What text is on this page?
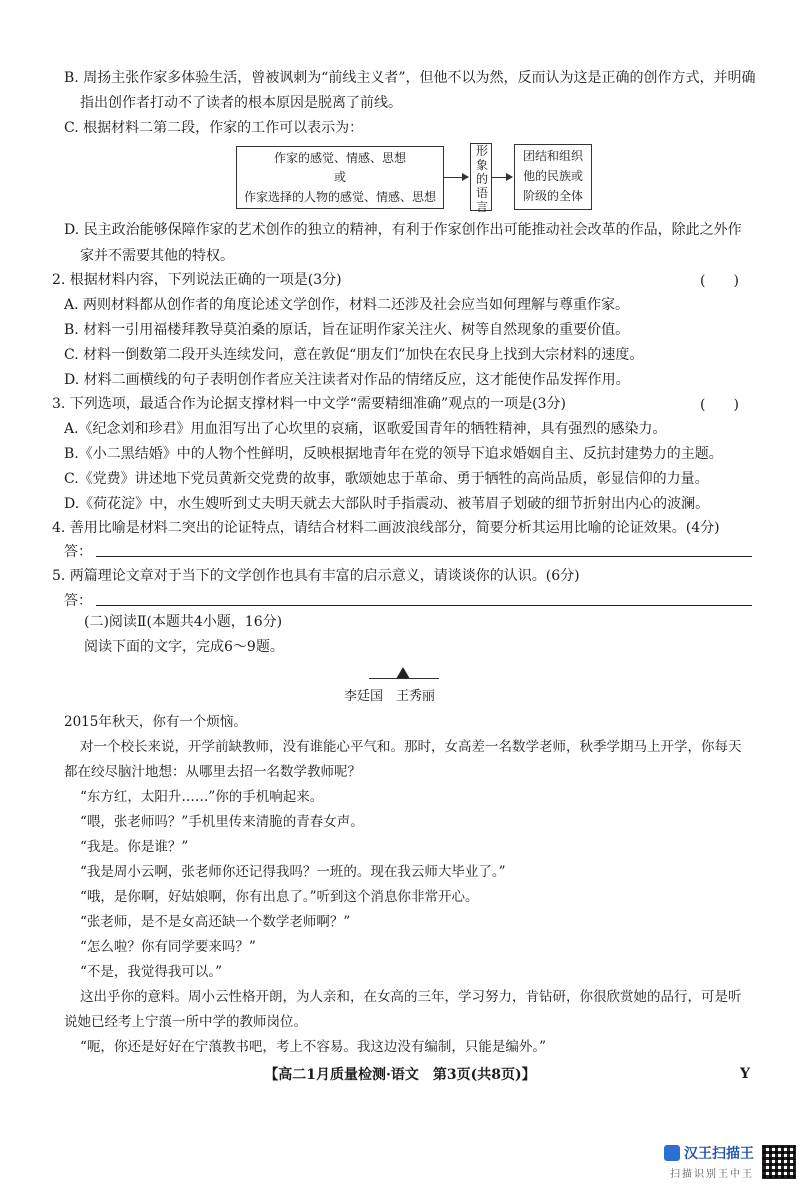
B. 周扬主张作家多体验生活，曾被讽刺为“前线主义者”，但他不以为然，反而认为这是正确的创作方式，并明确
指出创作者打动不了读者的根本原因是脱离了前线。
C. 根据材料二第二段，作家的工作可以表示为：
作家的感觉、情感、思想
或
作家选择的人物的感觉、情感、思想
形
象
的
语
言
团结和组织
他的民族或
阶级的全体
D. 民主政治能够保障作家的艺术创作的独立的精神，有利于作家创作出可能推动社会改革的作品，除此之外作
家并不需要其他的特权。
2. 根据材料内容，下列说法正确的一项是(3分)	(　　)
A. 两则材料都从创作者的角度论述文学创作，材料二还涉及社会应当如何理解与尊重作家。
B. 材料一引用福楼拜教导莫泊桑的原话，旨在证明作家关注火、树等自然现象的重要价值。
C. 材料一倒数第二段开头连续发问，意在敦促“朋友们”加快在农民身上找到大宗材料的速度。
D. 材料二画横线的句子表明创作者应关注读者对作品的情绪反应，这才能使作品发挥作用。
3. 下列选项，最适合作为论据支撑材料一中文学“需要精细准确”观点的一项是(3分)	(　　)
A.《纪念刘和珍君》用血泪写出了心坎里的哀痛，讴歌爱国青年的牺牲精神，具有强烈的感染力。
B.《小二黑结婚》中的人物个性鲜明，反映根据地青年在党的领导下追求婚姻自主、反抗封建势力的主题。
C.《党费》讲述地下党员黄新交党费的故事，歌颂她忠于革命、勇于牺牲的高尚品质，彰显信仰的力量。
D.《荷花淀》中，水生嫂听到丈夫明天就去大部队时手指震动、被苇眉子划破的细节折射出内心的波澜。
4. 善用比喻是材料二突出的论证特点，请结合材料二画波浪线部分，简要分析其运用比喻的论证效果。(4分)
答：
5. 两篇理论文章对于当下的文学创作也具有丰富的启示意义，请谈谈你的认识。(6分)
答：
(二)阅读Ⅱ(本题共4小题，16分)
阅读下面的文字，完成6～9题。
李廷国　王秀丽
2015年秋天，你有一个烦恼。
对一个校长来说，开学前缺教师，没有谁能心平气和。那时，女高差一名数学老师，秋季学期马上开学，你每天
都在绞尽脑汁地想：从哪里去招一名数学教师呢？
“东方红，太阳升……”你的手机响起来。
“喂，张老师吗？”手机里传来清脆的青春女声。
“我是。你是谁？”
“我是周小云啊，张老师你还记得我吗？一班的。现在我云师大毕业了。”
“哦，是你啊，好姑娘啊，你有出息了。”听到这个消息你非常开心。
“张老师，是不是女高还缺一个数学老师啊？”
“怎么啦？你有同学要来吗？”
“不是，我觉得我可以。”
这出乎你的意料。周小云性格开朗，为人亲和，在女高的三年，学习努力，肯钻研，你很欣赏她的品行，可是听
说她已经考上宁蒗一所中学的教师岗位。
“呃，你还是好好在宁蒗教书吧，考上不容易。我这边没有编制，只能是编外。”
【高二1月质量检测·语文　第3页(共8页)】	Y
汉王扫描王
扫描识别王中王
